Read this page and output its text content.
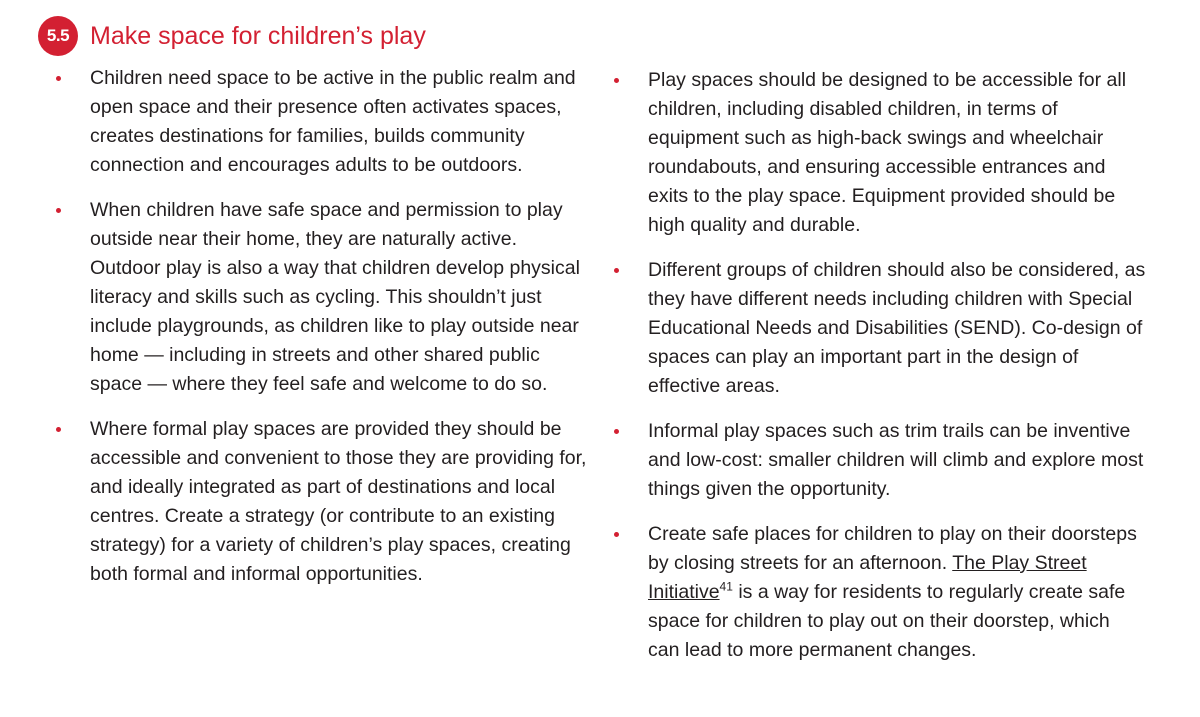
5.5 Make space for children’s play
Children need space to be active in the public realm and open space and their presence often activates spaces, creates destinations for families, builds community connection and encourages adults to be outdoors.
When children have safe space and permission to play outside near their home, they are naturally active. Outdoor play is also a way that children develop physical literacy and skills such as cycling. This shouldn’t just include playgrounds, as children like to play outside near home — including in streets and other shared public space — where they feel safe and welcome to do so.
Where formal play spaces are provided they should be accessible and convenient to those they are providing for, and ideally integrated as part of destinations and local centres. Create a strategy (or contribute to an existing strategy) for a variety of children’s play spaces, creating both formal and informal opportunities.
Play spaces should be designed to be accessible for all children, including disabled children, in terms of equipment such as high-back swings and wheelchair roundabouts, and ensuring accessible entrances and exits to the play space. Equipment provided should be high quality and durable.
Different groups of children should also be considered, as they have different needs including children with Special Educational Needs and Disabilities (SEND). Co-design of spaces can play an important part in the design of effective areas.
Informal play spaces such as trim trails can be inventive and low-cost: smaller children will climb and explore most things given the opportunity.
Create safe places for children to play on their doorsteps by closing streets for an afternoon. The Play Street Initiative$^{41}$ is a way for residents to regularly create safe space for children to play out on their doorstep, which can lead to more permanent changes.
